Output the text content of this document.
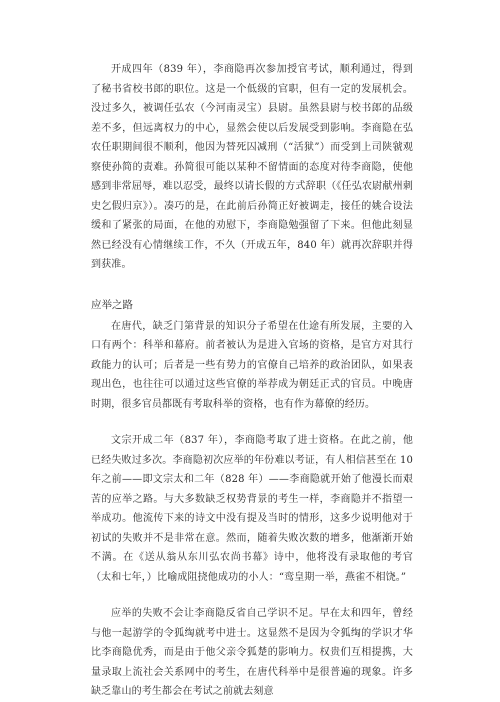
开成四年（839 年），李商隐再次参加授官考试，顺利通过，得到了秘书省校书郎的职位。这是一个低级的官职，但有一定的发展机会。没过多久，被调任弘农（今河南灵宝）县尉。虽然县尉与校书郎的品级差不多，但远离权力的中心，显然会使以后发展受到影响。李商隐在弘农任职期间很不顺利，他因为替死囚减刑（“活狱”）而受到上司陕虢观察使孙简的责难。孙简很可能以某种不留情面的态度对待李商隐，使他感到非常屈辱，难以忍受，最终以请长假的方式辞职（《任弘农尉献州刺史乞假归京》）。凑巧的是，在此前后孙简正好被调走，接任的姚合设法缓和了紧张的局面，在他的劝慰下，李商隐勉强留了下来。但他此刻显然已经没有心情继续工作，不久（开成五年，840 年）就再次辞职并得到获准。

应举之路

在唐代，缺乏门第背景的知识分子希望在仕途有所发展，主要的入口有两个：科举和幕府。前者被认为是进入官场的资格，是官方对其行政能力的认可；后者是一些有势力的官僚自己培养的政治团队，如果表现出色，也往往可以通过这些官僚的举荐成为朝廷正式的官员。中晚唐时期，很多官员都既有考取科举的资格，也有作为幕僚的经历。

文宗开成二年（837 年），李商隐考取了进士资格。在此之前，他已经失败过多次。李商隐初次应举的年份难以考证，有人相信甚至在 10 年之前——即文宗太和二年（828 年）——李商隐就开始了他漫长而艰苦的应举之路。与大多数缺乏权势背景的考生一样，李商隐并不指望一举成功。他流传下来的诗文中没有提及当时的情形，这多少说明他对于初试的失败并不是非常在意。然而，随着失败次数的增多，他渐渐开始不满。在《送从翁从东川弘农尚书幕》诗中，他将没有录取他的考官（太和七年，）比喻成阻挠他成功的小人：“鸾皇期一举，燕雀不相饶。”

应举的失败不会让李商隐反省自己学识不足。早在太和四年，曾经与他一起游学的令狐绹就考中进士。这显然不是因为令狐绹的学识才华比李商隐优秀，而是由于他父亲令狐楚的影响力。权贵们互相提携，大量录取上流社会关系网中的考生，在唐代科举中是很普遍的现象。许多缺乏靠山的考生都会在考试之前就去刻意
